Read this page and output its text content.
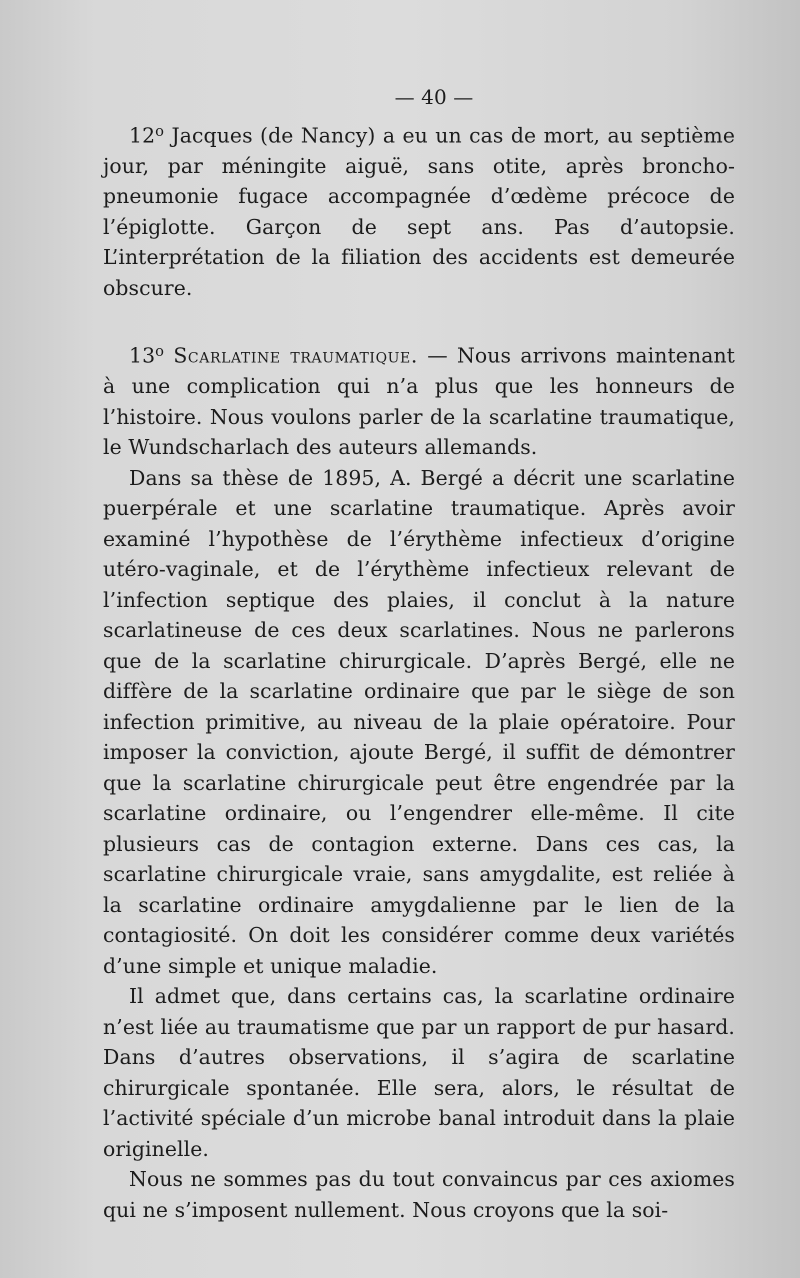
— 40 —

12$^o$ Jacques (de Nancy) a eu un cas de mort, au septième jour, par méningite aiguë, sans otite, après broncho-pneumonie fugace accompagnée d’œdème précoce de l’épiglotte. Garçon de sept ans. Pas d’autopsie. L’interprétation de la filiation des accidents est demeurée obscure.

13$^o$ Scarlatine traumatique. — Nous arrivons maintenant à une complication qui n’a plus que les honneurs de l’histoire. Nous voulons parler de la scarlatine traumatique, le Wundscharlach des auteurs allemands.

Dans sa thèse de 1895, A. Bergé a décrit une scarlatine puerpérale et une scarlatine traumatique. Après avoir examiné l’hypothèse de l’érythème infectieux d’origine utéro-vaginale, et de l’érythème infectieux relevant de l’infection septique des plaies, il conclut à la nature scarlatineuse de ces deux scarlatines. Nous ne parlerons que de la scarlatine chirurgicale. D’après Bergé, elle ne diffère de la scarlatine ordinaire que par le siège de son infection primitive, au niveau de la plaie opératoire. Pour imposer la conviction, ajoute Bergé, il suffit de démontrer que la scarlatine chirurgicale peut être engendrée par la scarlatine ordinaire, ou l’engendrer elle-même. Il cite plusieurs cas de contagion externe. Dans ces cas, la scarlatine chirurgicale vraie, sans amygdalite, est reliée à la scarlatine ordinaire amygdalienne par le lien de la contagiosité. On doit les considérer comme deux variétés d’une simple et unique maladie.

Il admet que, dans certains cas, la scarlatine ordinaire n’est liée au traumatisme que par un rapport de pur hasard. Dans d’autres observations, il s’agira de scarlatine chirurgicale spontanée. Elle sera, alors, le résultat de l’activité spéciale d’un microbe banal introduit dans la plaie originelle.

Nous ne sommes pas du tout convaincus par ces axiomes qui ne s’imposent nullement. Nous croyons que la soi-
